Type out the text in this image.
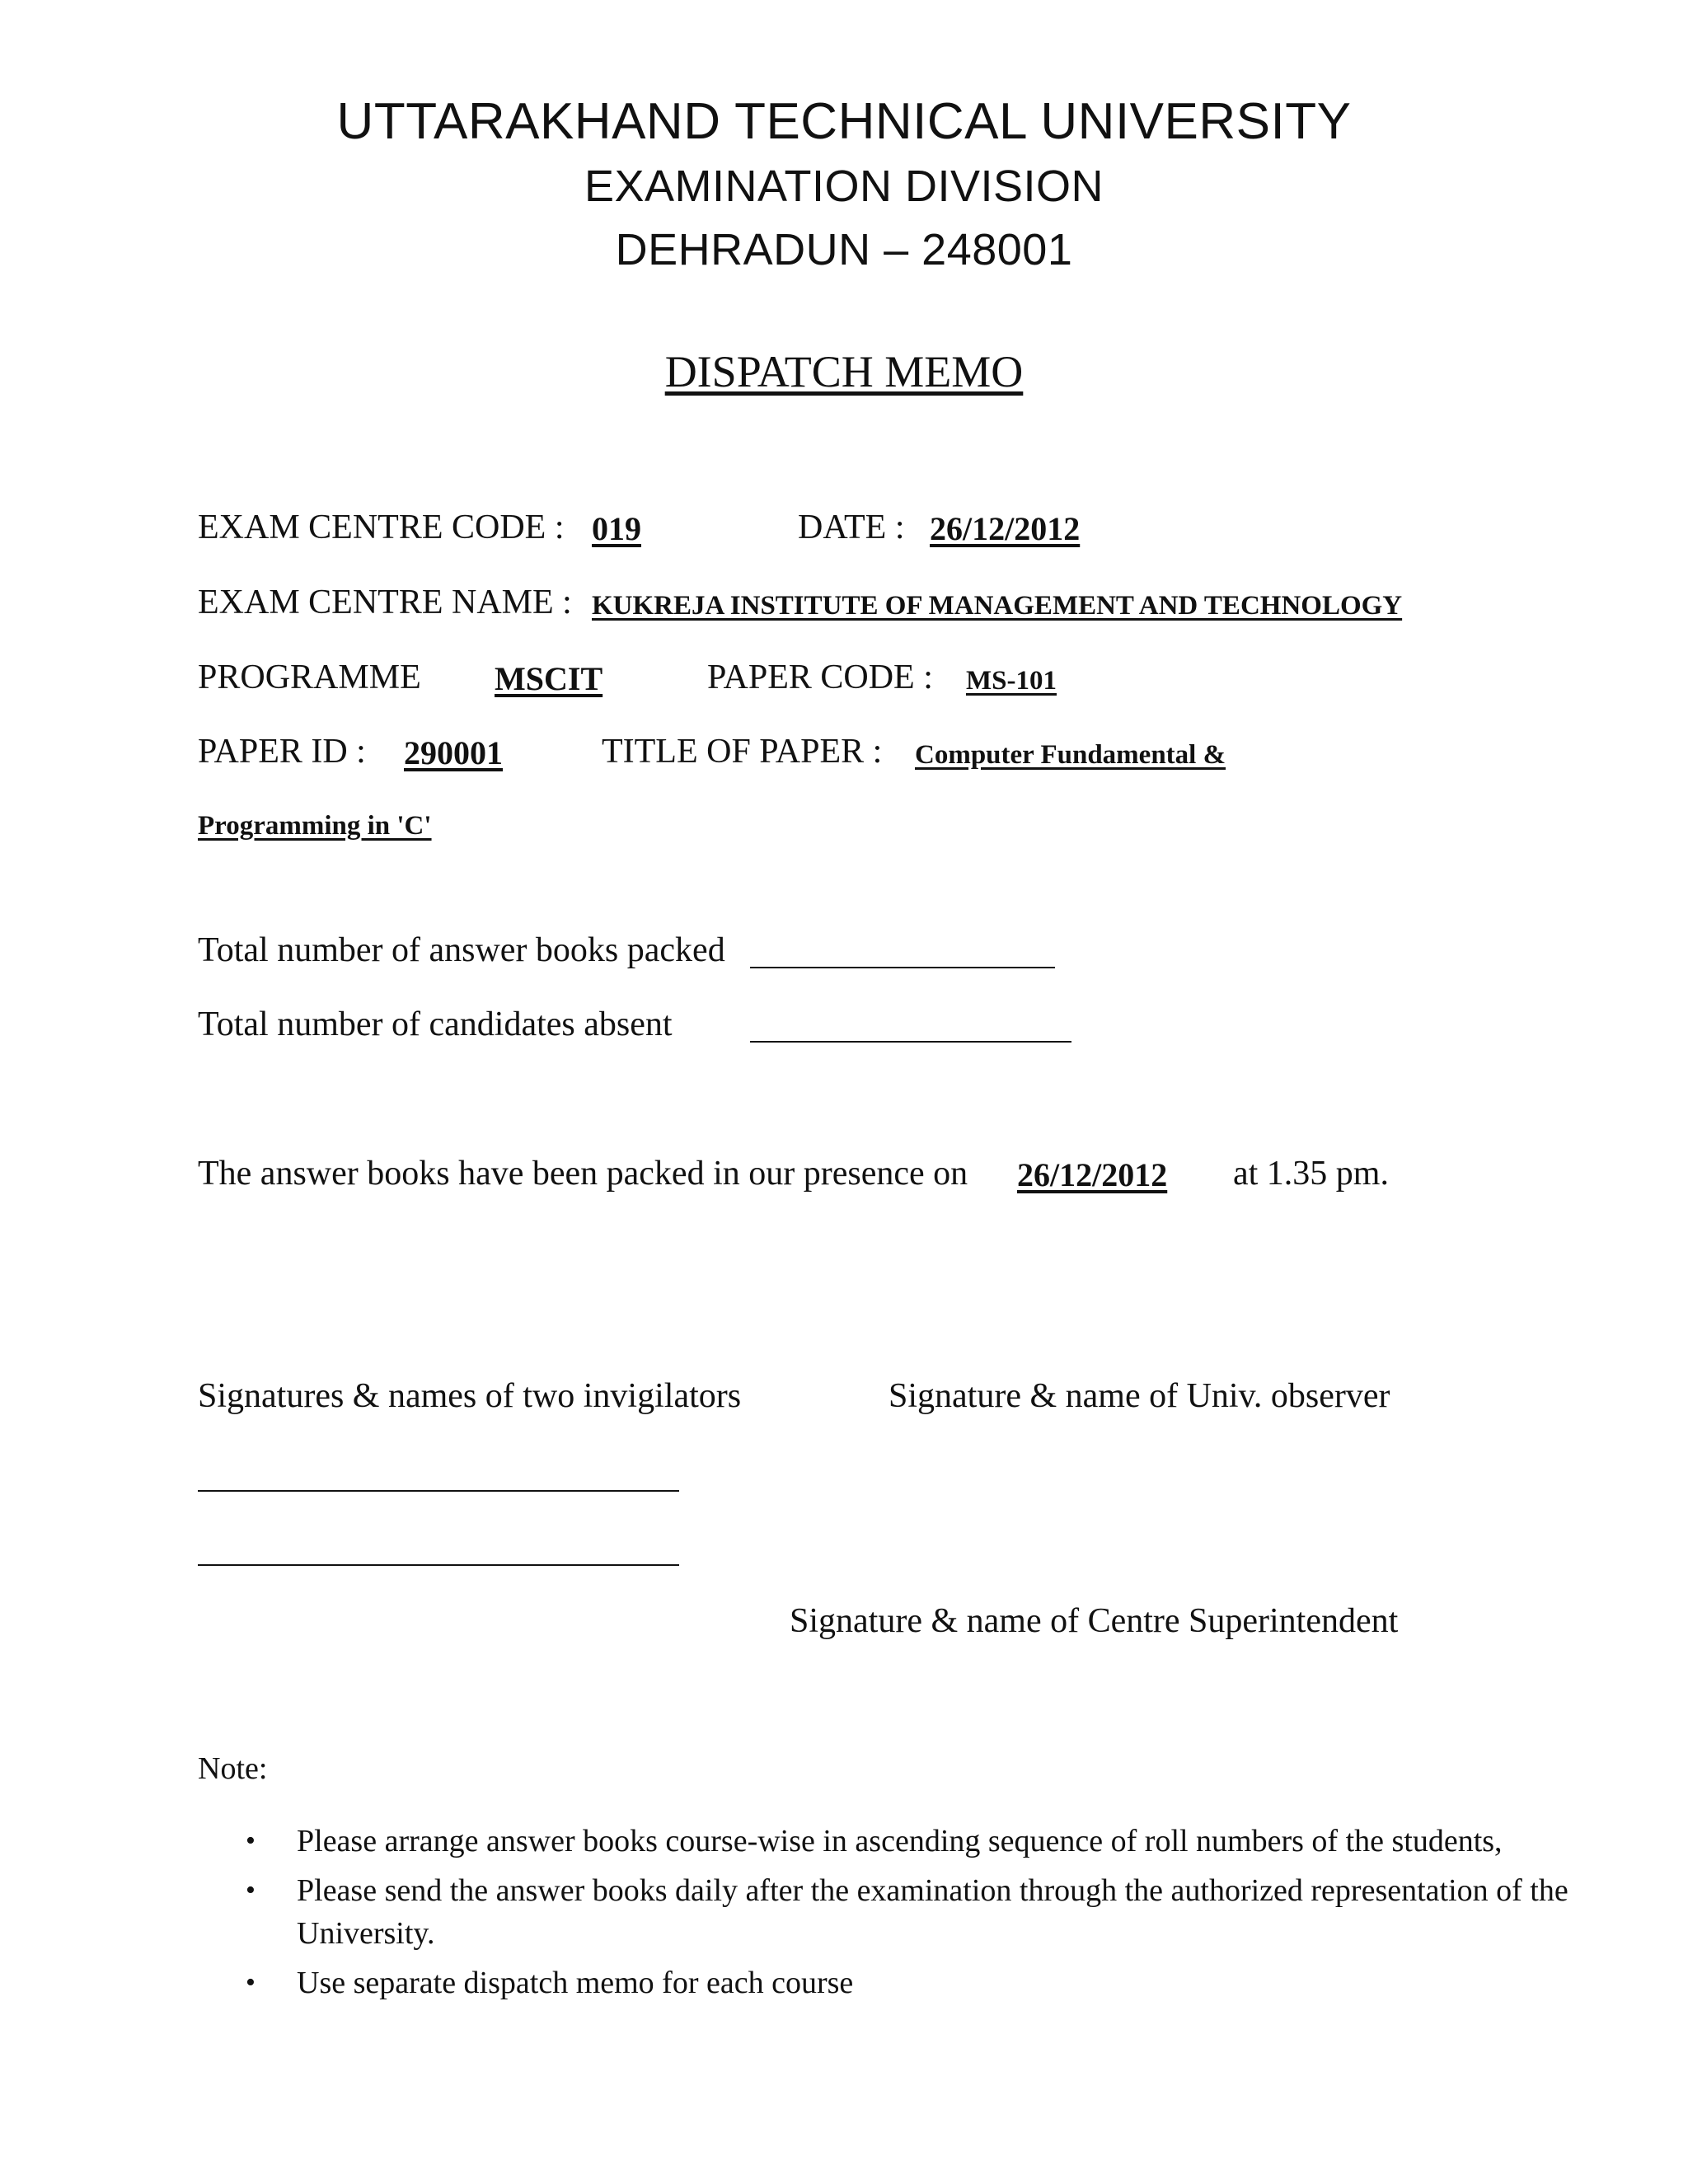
UTTARAKHAND TECHNICAL UNIVERSITY
EXAMINATION DIVISION
DEHRADUN – 248001
DISPATCH MEMO
EXAM CENTRE CODE : 019	DATE : 26/12/2012
EXAM CENTRE NAME : KUKREJA INSTITUTE OF MANAGEMENT AND TECHNOLOGY
PROGRAMME MSCIT	PAPER CODE : MS-101
PAPER ID : 290001	TITLE OF PAPER : Computer Fundamental &
Programming in 'C'
Total number of answer books packed
Total number of candidates absent
The answer books have been packed in our presence on 26/12/2012 at 1.35 pm.
Signatures & names of two invigilators	Signature & name of Univ. observer
Signature & name of Centre Superintendent
Note:
• Please arrange answer books course-wise in ascending sequence of roll numbers of the students,
• Please send the answer books daily after the examination through the authorized representation of the University.
• Use separate dispatch memo for each course
